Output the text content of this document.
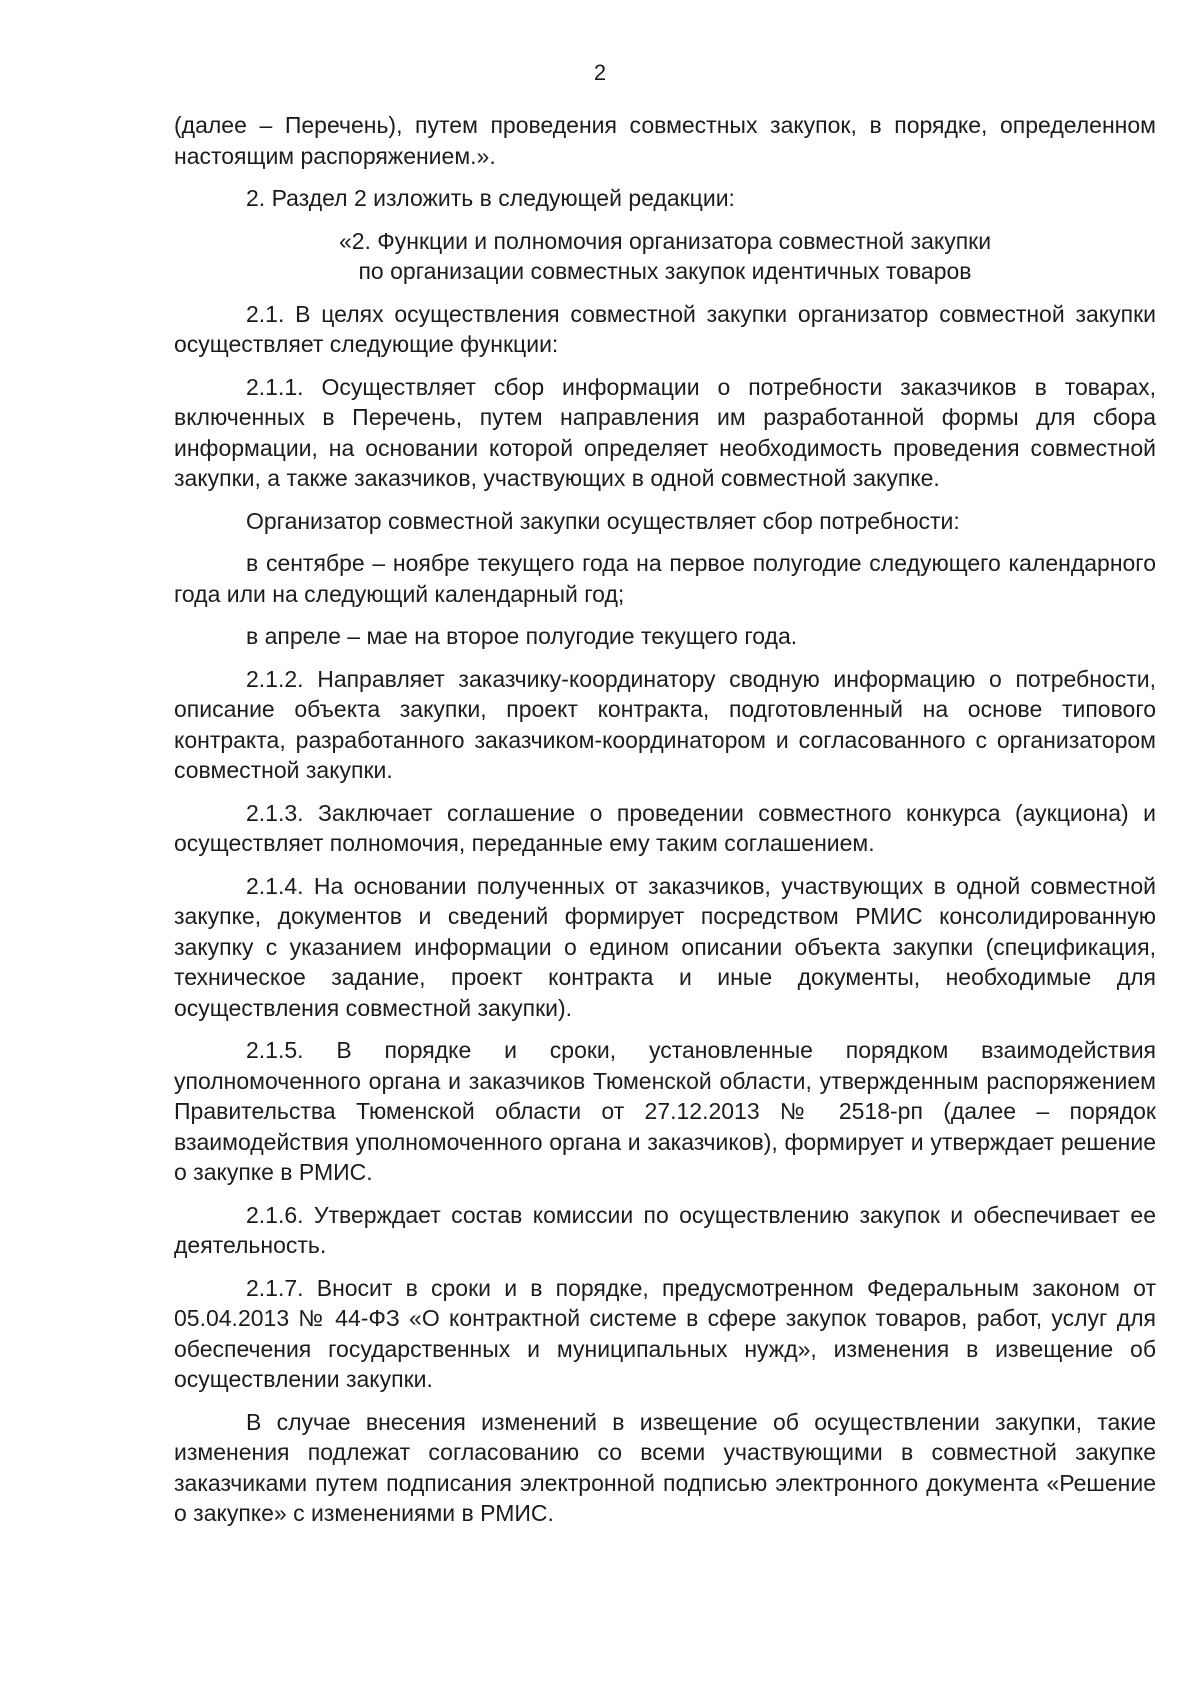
2

(далее – Перечень), путем проведения совместных закупок, в порядке, определенном настоящим распоряжением.».

2. Раздел 2 изложить в следующей редакции:

«2. Функции и полномочия организатора совместной закупки
по организации совместных закупок идентичных товаров

2.1. В целях осуществления совместной закупки организатор совместной закупки осуществляет следующие функции:

2.1.1. Осуществляет сбор информации о потребности заказчиков в товарах, включенных в Перечень, путем направления им разработанной формы для сбора информации, на основании которой определяет необходимость проведения совместной закупки, а также заказчиков, участвующих в одной совместной закупке.

Организатор совместной закупки осуществляет сбор потребности:

в сентябре – ноябре текущего года на первое полугодие следующего календарного года или на следующий календарный год;

в апреле – мае на второе полугодие текущего года.

2.1.2. Направляет заказчику-координатору сводную информацию о потребности, описание объекта закупки, проект контракта, подготовленный на основе типового контракта, разработанного заказчиком-координатором и согласованного с организатором совместной закупки.

2.1.3. Заключает соглашение о проведении совместного конкурса (аукциона) и осуществляет полномочия, переданные ему таким соглашением.

2.1.4. На основании полученных от заказчиков, участвующих в одной совместной закупке, документов и сведений формирует посредством РМИС консолидированную закупку с указанием информации о едином описании объекта закупки (спецификация, техническое задание, проект контракта и иные документы, необходимые для осуществления совместной закупки).

2.1.5. В порядке и сроки, установленные порядком взаимодействия уполномоченного органа и заказчиков Тюменской области, утвержденным распоряжением Правительства Тюменской области от 27.12.2013 № 2518-рп (далее – порядок взаимодействия уполномоченного органа и заказчиков), формирует и утверждает решение о закупке в РМИС.

2.1.6. Утверждает состав комиссии по осуществлению закупок и обеспечивает ее деятельность.

2.1.7. Вносит в сроки и в порядке, предусмотренном Федеральным законом от 05.04.2013 № 44-ФЗ «О контрактной системе в сфере закупок товаров, работ, услуг для обеспечения государственных и муниципальных нужд», изменения в извещение об осуществлении закупки.

В случае внесения изменений в извещение об осуществлении закупки, такие изменения подлежат согласованию со всеми участвующими в совместной закупке заказчиками путем подписания электронной подписью электронного документа «Решение о закупке» с изменениями в РМИС.
